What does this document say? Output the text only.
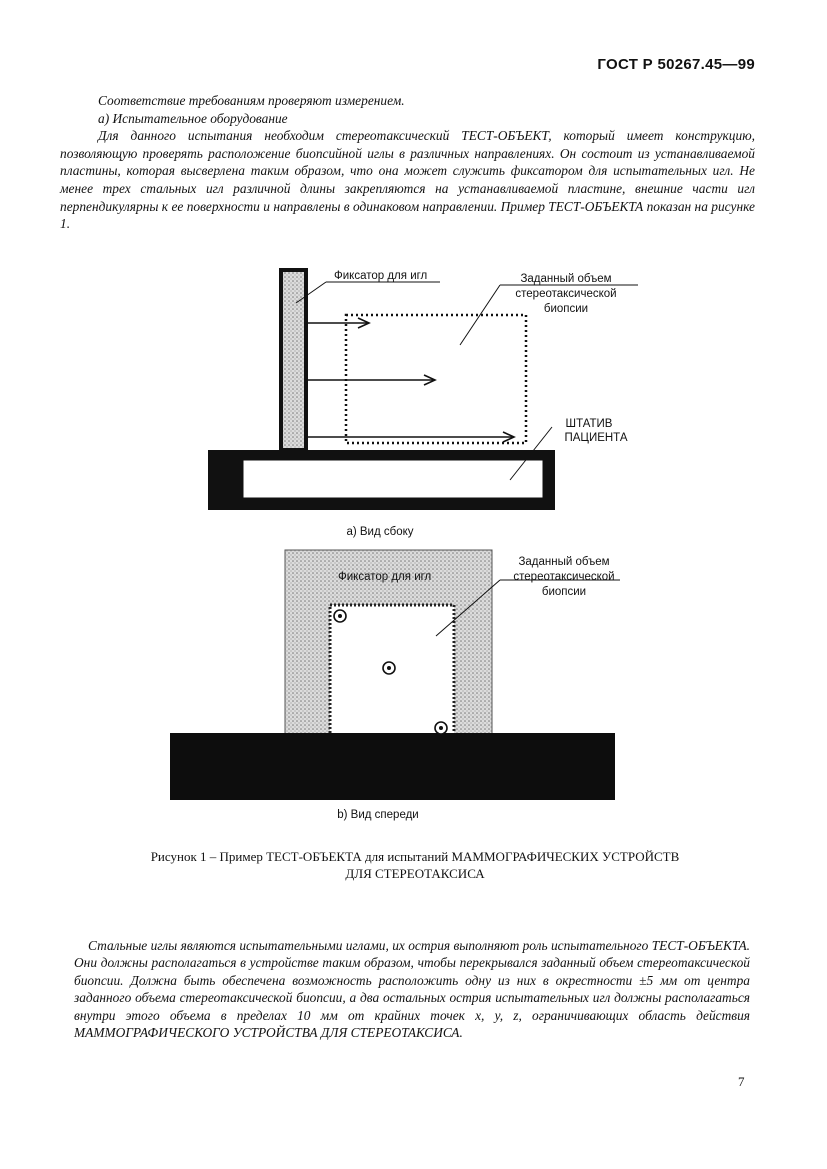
ГОСТ Р 50267.45—99

Соответствие требованиям проверяют измерением.

а) Испытательное оборудование

Для данного испытания необходим стереотаксический ТЕСТ-ОБЪЕКТ, который имеет конструкцию, позволяющую проверять расположение биопсийной иглы в различных направлениях. Он состоит из устанавливаемой пластины, которая высверлена таким образом, что она может служить фиксатором для испытательных игл. Не менее трех стальных игл различной длины закрепляются на устанавливаемой пластине, внешние части игл перпендикулярны к ее поверхности и направлены в одинаковом направлении. Пример ТЕСТ-ОБЪЕКТА показан на рисунке 1.

Фиксатор для игл	Заданный объем
стереотаксической
биопсии
ШТАТИВ
ПАЦИЕНТА
а) Вид сбоку
Фиксатор для игл
Заданный объем
стереотаксической
биопсии
b) Вид спереди
Рисунок 1 – Пример ТЕСТ-ОБЪЕКТА для испытаний МАММОГРАФИЧЕСКИХ УСТРОЙСТВ
ДЛЯ СТЕРЕОТАКСИСА
Стальные иглы являются испытательными иглами, их острия выполняют роль испытательного ТЕСТ-ОБЪЕКТА. Они должны располагаться в устройстве таким образом, чтобы перекрывался заданный объем стереотаксической биопсии. Должна быть обеспечена возможность расположить одну из них в окрестности ±5 мм от центра заданного объема стереотаксической биопсии, а два остальных острия испытательных игл должны располагаться внутри этого объема в пределах 10 мм от крайних точек x, y, z, ограничивающих область действия МАММОГРАФИЧЕСКОГО УСТРОЙСТВА ДЛЯ СТЕРЕОТАКСИСА.
7
